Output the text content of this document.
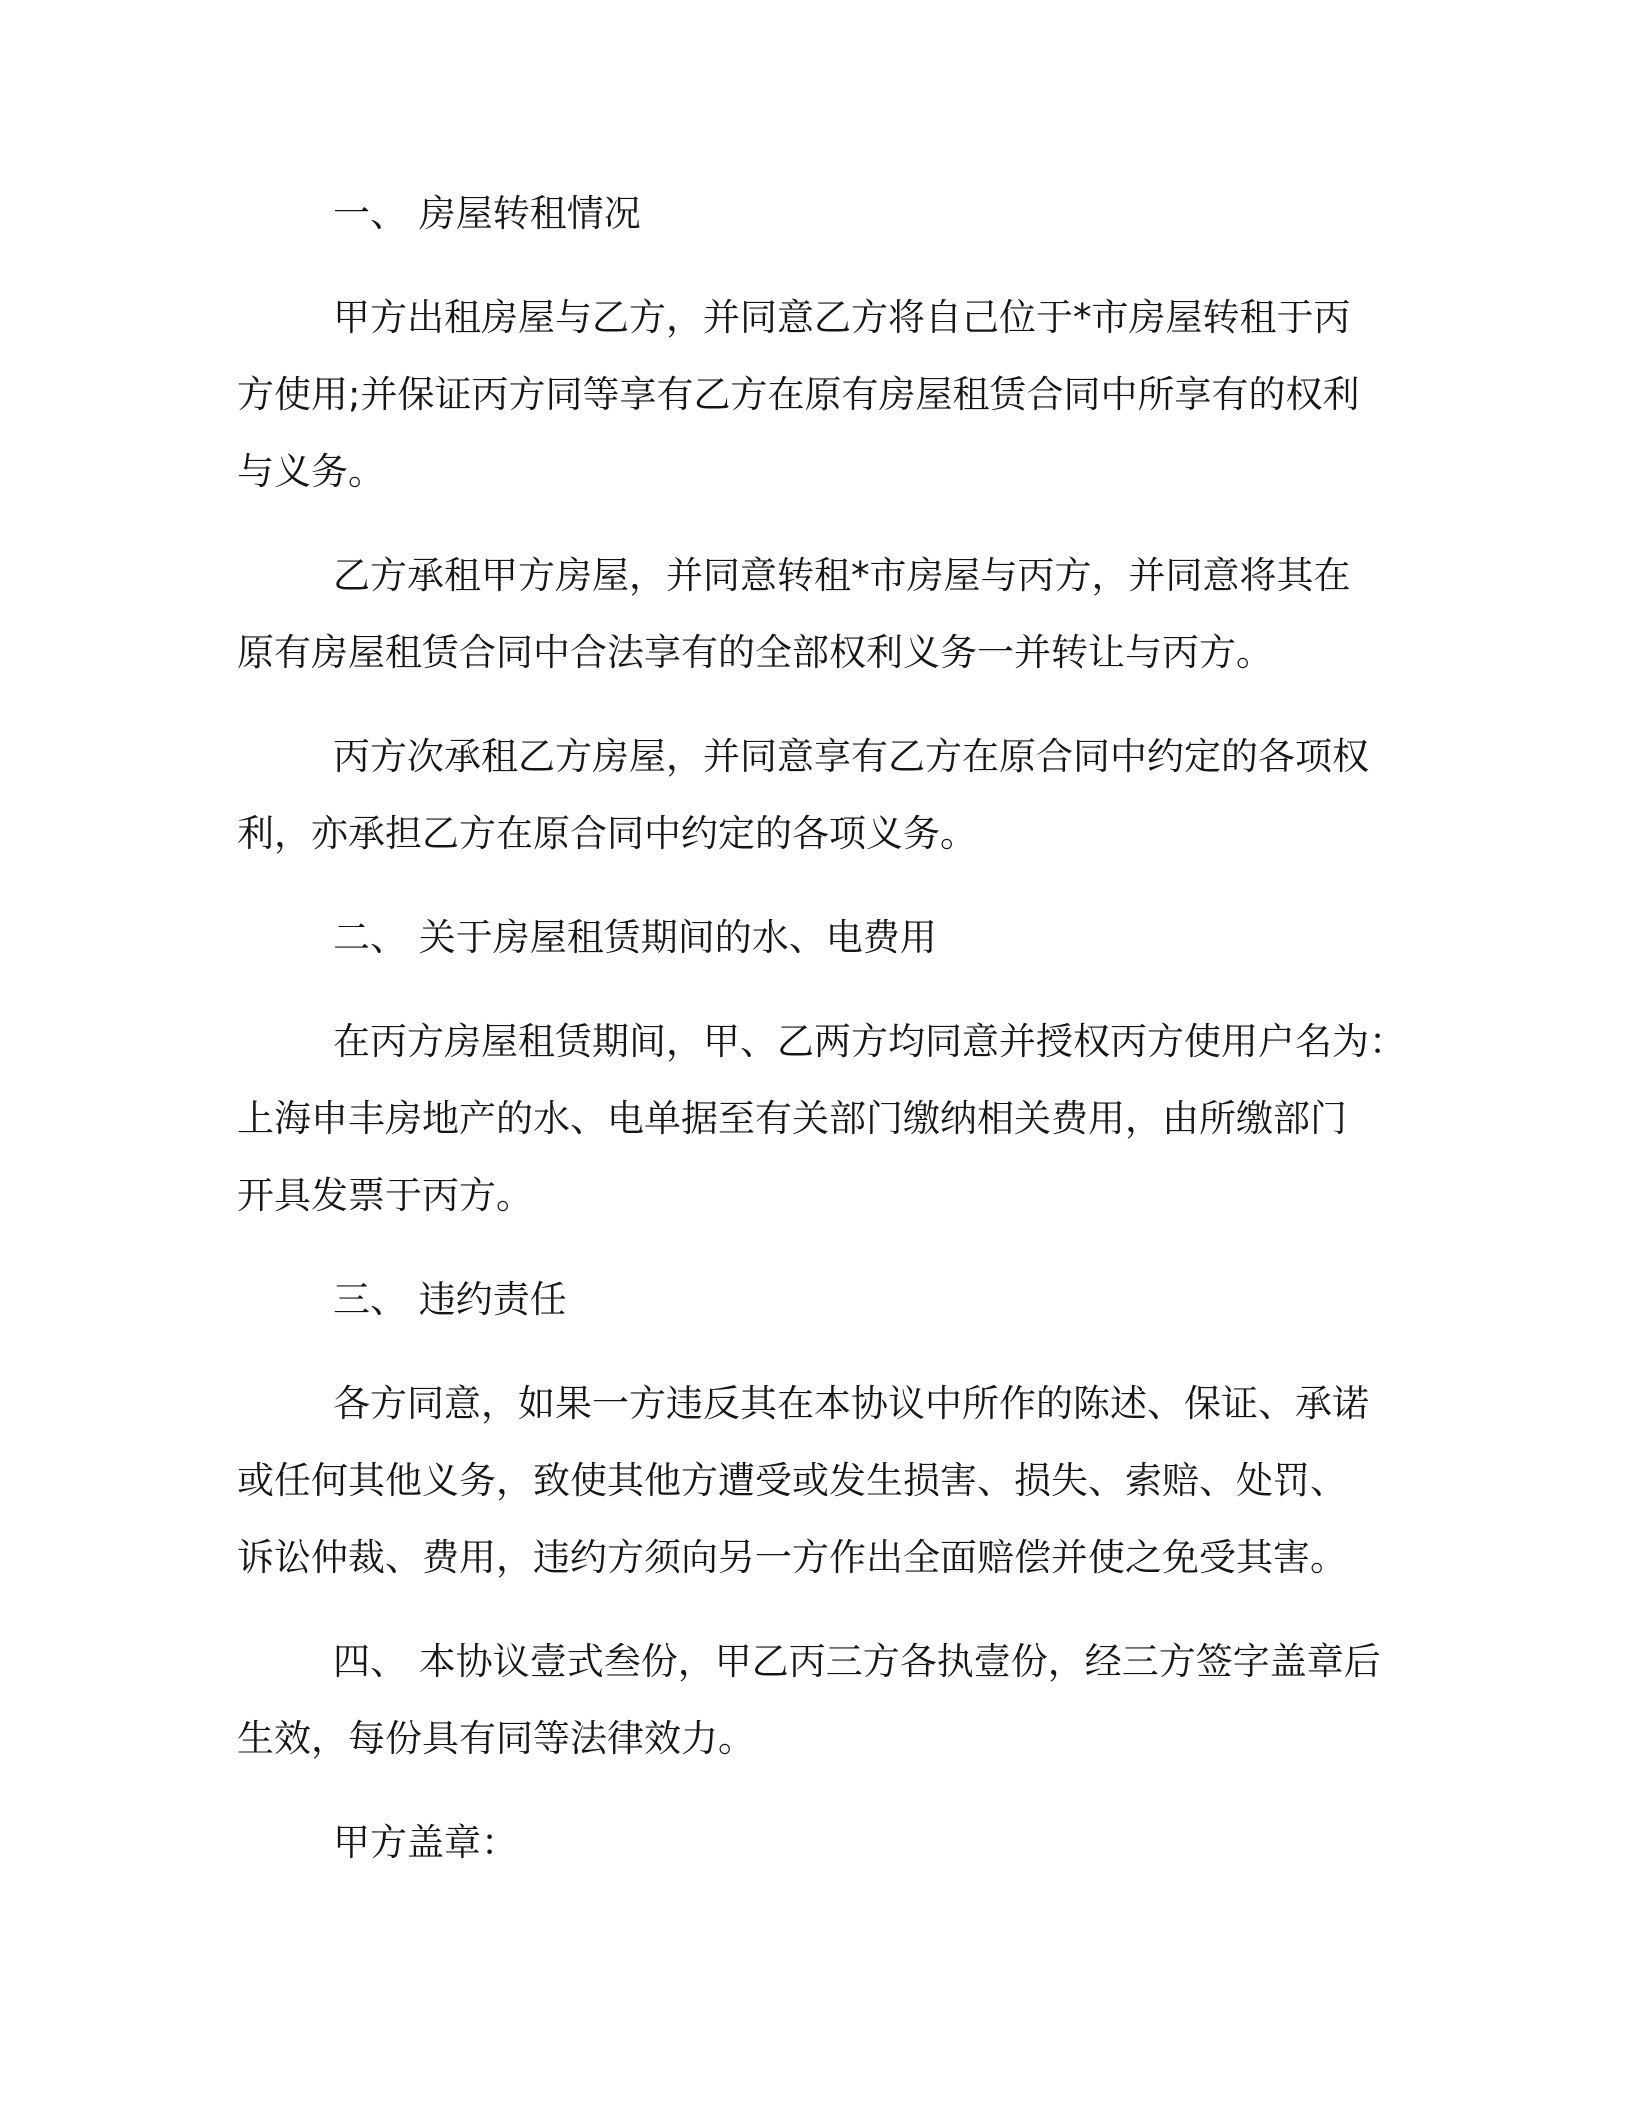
一、 房屋转租情况
甲方出租房屋与乙方，并同意乙方将自己位于*市房屋转租于丙
方使用;并保证丙方同等享有乙方在原有房屋租赁合同中所享有的权利
与义务。
乙方承租甲方房屋，并同意转租*市房屋与丙方，并同意将其在
原有房屋租赁合同中合法享有的全部权利义务一并转让与丙方。
丙方次承租乙方房屋，并同意享有乙方在原合同中约定的各项权
利，亦承担乙方在原合同中约定的各项义务。
二、 关于房屋租赁期间的水、电费用
在丙方房屋租赁期间，甲、乙两方均同意并授权丙方使用户名为：
上海申丰房地产的水、电单据至有关部门缴纳相关费用，由所缴部门
开具发票于丙方。
三、 违约责任
各方同意，如果一方违反其在本协议中所作的陈述、保证、承诺
或任何其他义务，致使其他方遭受或发生损害、损失、索赔、处罚、
诉讼仲裁、费用，违约方须向另一方作出全面赔偿并使之免受其害。
四、 本协议壹式叁份，甲乙丙三方各执壹份，经三方签字盖章后
生效，每份具有同等法律效力。
甲方盖章：
